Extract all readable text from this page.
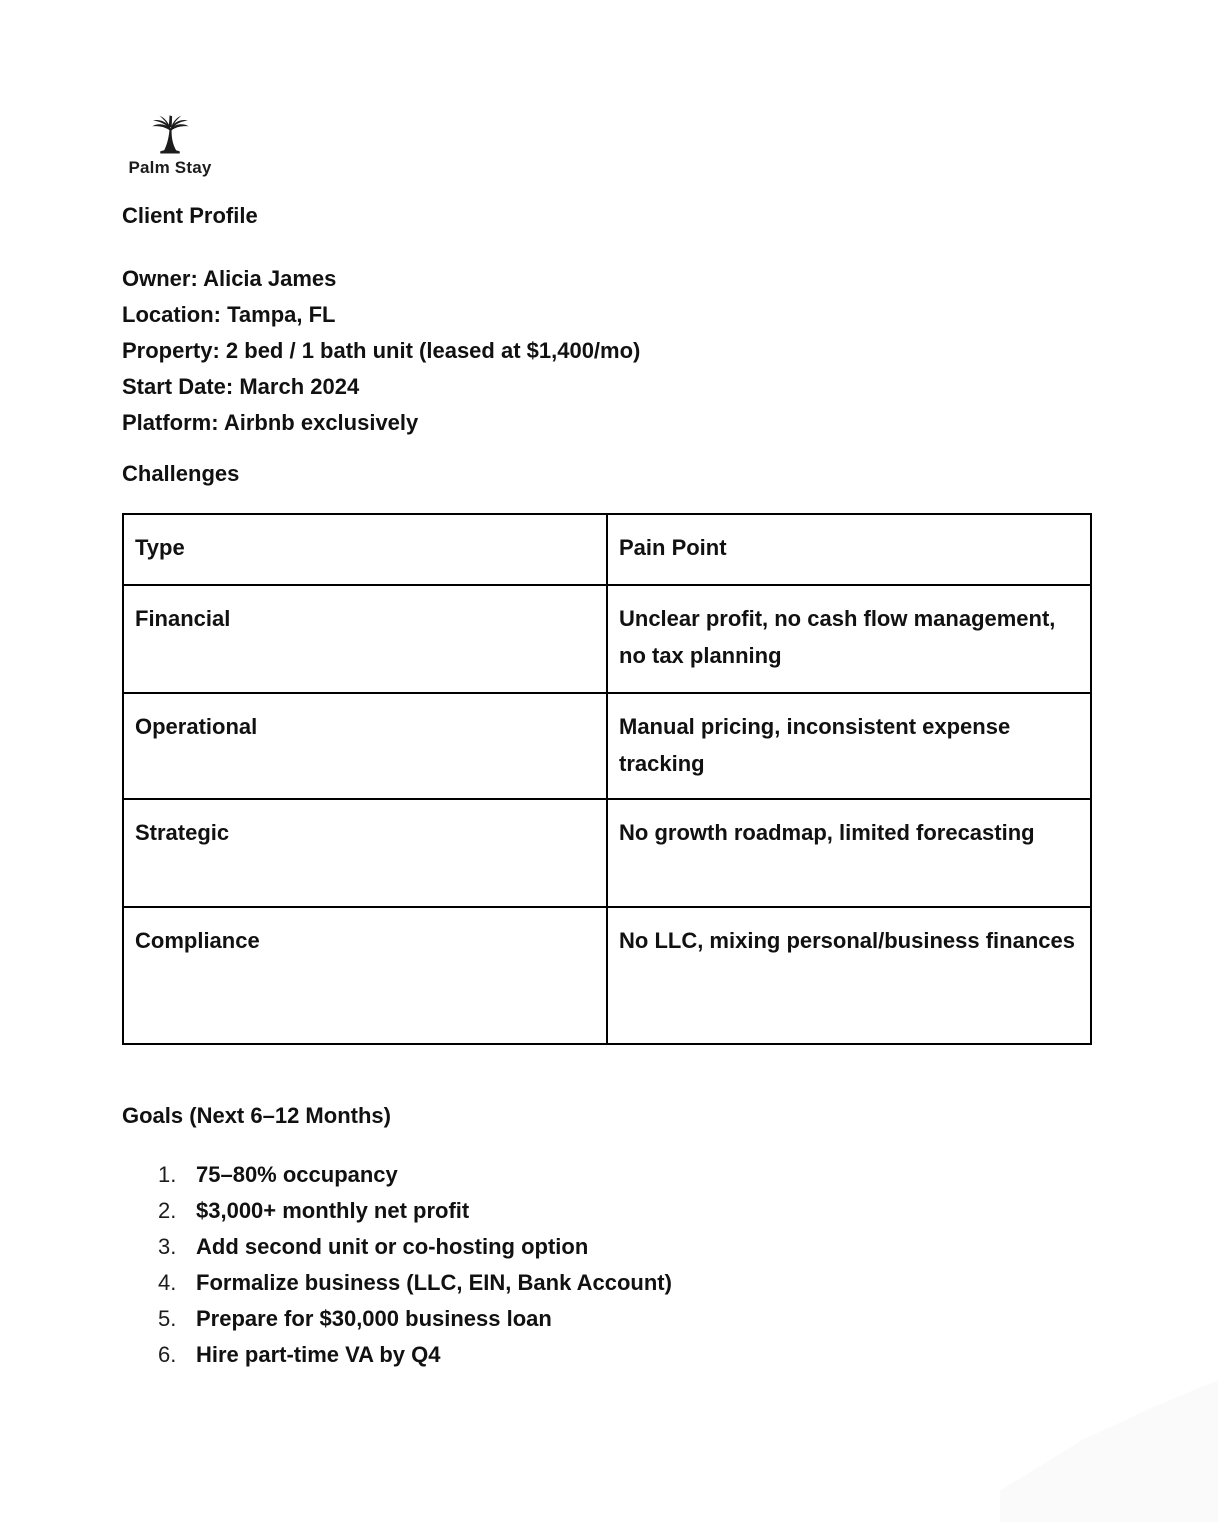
Palm Stay
Client Profile
Owner: Alicia James
Location: Tampa, FL
Property: 2 bed / 1 bath unit (leased at $1,400/mo)
Start Date: March 2024
Platform: Airbnb exclusively
Challenges
Type	Pain Point
Financial	Unclear profit, no cash flow management, no tax planning
Operational	Manual pricing, inconsistent expense tracking
Strategic	No growth roadmap, limited forecasting
Compliance	No LLC, mixing personal/business finances
Goals (Next 6–12 Months)
75–80% occupancy
$3,000+ monthly net profit
Add second unit or co-hosting option
Formalize business (LLC, EIN, Bank Account)
Prepare for $30,000 business loan
Hire part-time VA by Q4
